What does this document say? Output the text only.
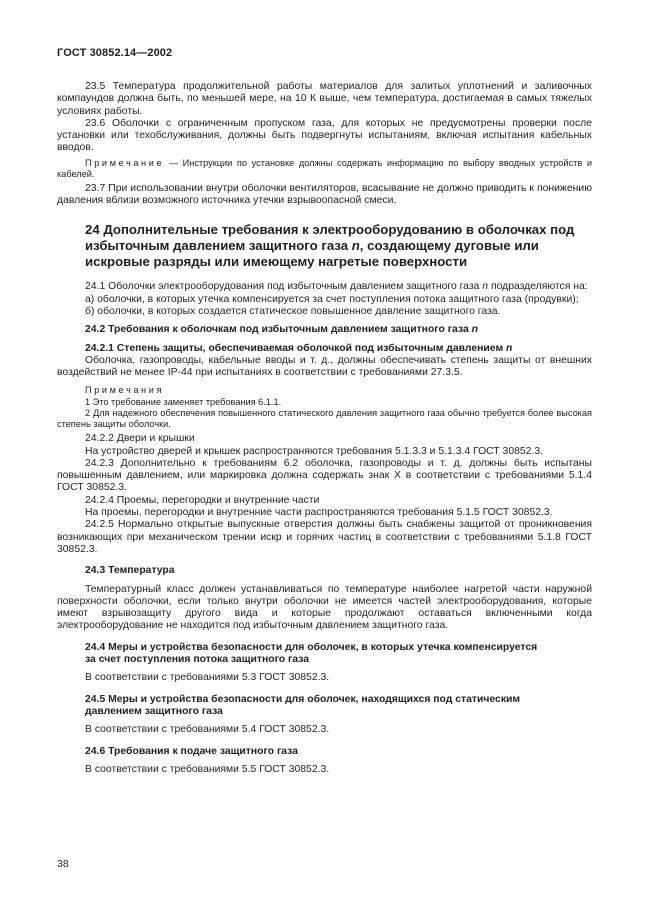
ГОСТ 30852.14—2002

23.5 Температура продолжительной работы материалов для залитых уплотнений и заливочных компаундов должна быть, по меньшей мере, на 10 К выше, чем температура, достигаемая в самых тяжелых условиях работы.

23.6 Оболочки с ограниченным пропуском газа, для которых не предусмотрены проверки после установки или техобслуживания, должны быть подвергнуты испытаниям, включая испытания кабельных вводов.

Примечание — Инструкции по установке должны содержать информацию по выбору вводных устройств и кабелей.

23.7 При использовании внутри оболочки вентиляторов, всасывание не должно приводить к понижению давления вблизи возможного источника утечки взрывоопасной смеси.

24 Дополнительные требования к электрооборудованию в оболочках под избыточным давлением защитного газа n, создающему дуговые или искровые разряды или имеющему нагретые поверхности

24.1 Оболочки электрооборудования под избыточным давлением защитного газа n подразделяются на:

а) оболочки, в которых утечка компенсируется за счет поступления потока защитного газа (продувки);

б) оболочки, в которых создается статическое повышенное давление защитного газа.

24.2 Требования к оболочкам под избыточным давлением защитного газа n

24.2.1 Степень защиты, обеспечиваемая оболочкой под избыточным давлением n

Оболочка, газопроводы, кабельные вводы и т. д., должны обеспечивать степень защиты от внешних воздействий не менее IP-44 при испытаниях в соответствии с требованиями 27.3.5.

Примечания

1 Это требование заменяет требования 6.1.1.

2 Для надежного обеспечения повышенного статического давления защитного газа обычно требуется более высокая степень защиты оболочки.

24.2.2 Двери и крышки

На устройство дверей и крышек распространяются требования 5.1.3.3 и 5.1.3.4 ГОСТ 30852.3.

24.2.3 Дополнительно к требованиям 6.2 оболочка, газопроводы и т. д. должны быть испытаны повышенным давлением, или маркировка должна содержать знак X в соответствии с требованиями 5.1.4 ГОСТ 30852.3.

24.2.4 Проемы, перегородки и внутренние части

На проемы, перегородки и внутренние части распространяются требования 5.1.5 ГОСТ 30852.3.

24.2.5 Нормально открытые выпускные отверстия должны быть снабжены защитой от проникновения возникающих при механическом трении искр и горячих частиц в соответствии с требованиями 5.1.8 ГОСТ 30852.3.

24.3 Температура

Температурный класс должен устанавливаться по температуре наиболее нагретой части наружной поверхности оболочки, если только внутри оболочки не имеется частей электрооборудования, которые имеют взрывозащиту другого вида и которые продолжают оставаться включенными когда электрооборудование не находится под избыточным давлением защитного газа.

24.4 Меры и устройства безопасности для оболочек, в которых утечка компенсируется

за счет поступления потока защитного газа

В соответствии с требованиями 5.3 ГОСТ 30852.3.

24.5 Меры и устройства безопасности для оболочек, находящихся под статическим

давлением защитного газа

В соответствии с требованиями 5.4 ГОСТ 30852.3.

24.6 Требования к подаче защитного газа

В соответствии с требованиями 5.5 ГОСТ 30852.3.

38
